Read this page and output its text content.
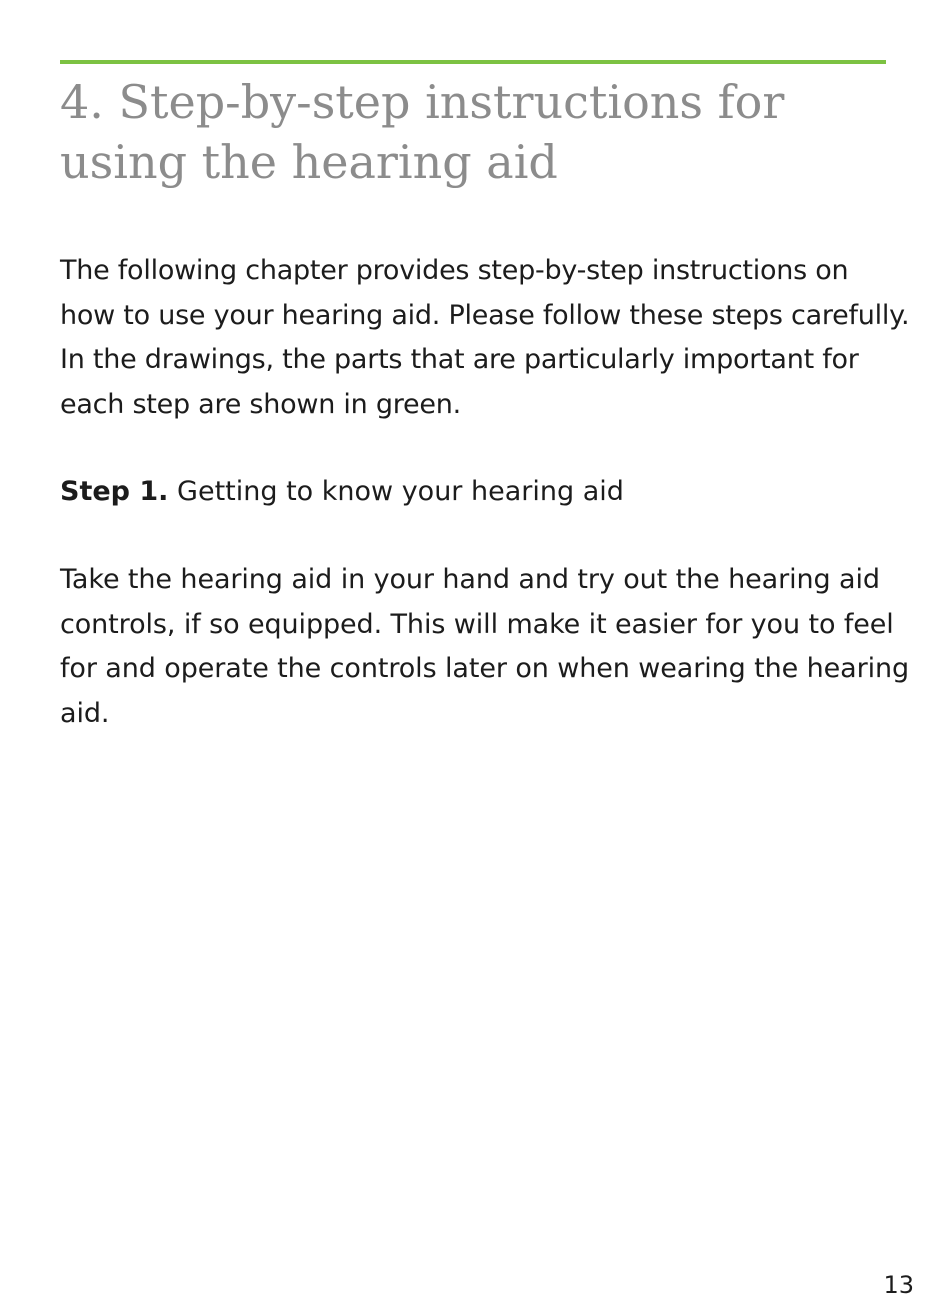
4. Step-by-step instructions for using the hearing aid

The following chapter provides step-by-step instructions on how to use your hearing aid. Please follow these steps carefully. In the drawings, the parts that are particularly important for each step are shown in green.

Step 1. Getting to know your hearing aid

Take the hearing aid in your hand and try out the hearing aid controls, if so equipped. This will make it easier for you to feel for and operate the controls later on when wearing the hearing aid.

13
